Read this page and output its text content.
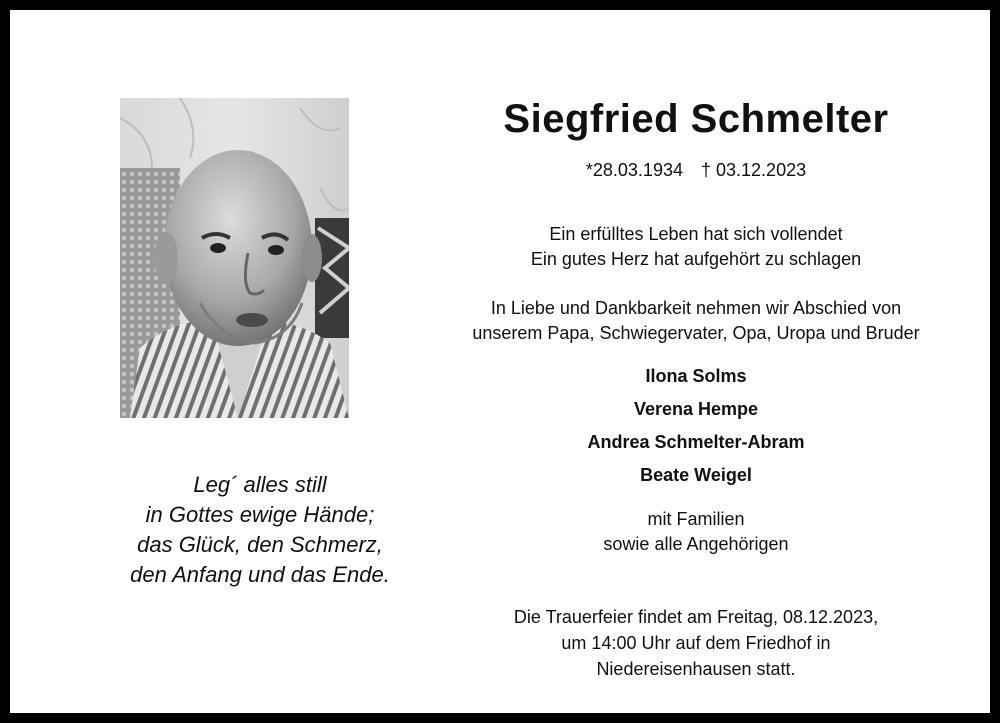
Leg´ alles still
in Gottes ewige Hände;
das Glück, den Schmerz,
den Anfang und das Ende.
Siegfried Schmelter
*28.03.1934 † 03.12.2023
Ein erfülltes Leben hat sich vollendet
Ein gutes Herz hat aufgehört zu schlagen
In Liebe und Dankbarkeit nehmen wir Abschied von
unserem Papa, Schwiegervater, Opa, Uropa und Bruder
Ilona Solms
Verena Hempe
Andrea Schmelter-Abram
Beate Weigel
mit Familien
sowie alle Angehörigen
Die Trauerfeier findet am Freitag, 08.12.2023,
um 14:00 Uhr auf dem Friedhof in
Niedereisenhausen statt.
